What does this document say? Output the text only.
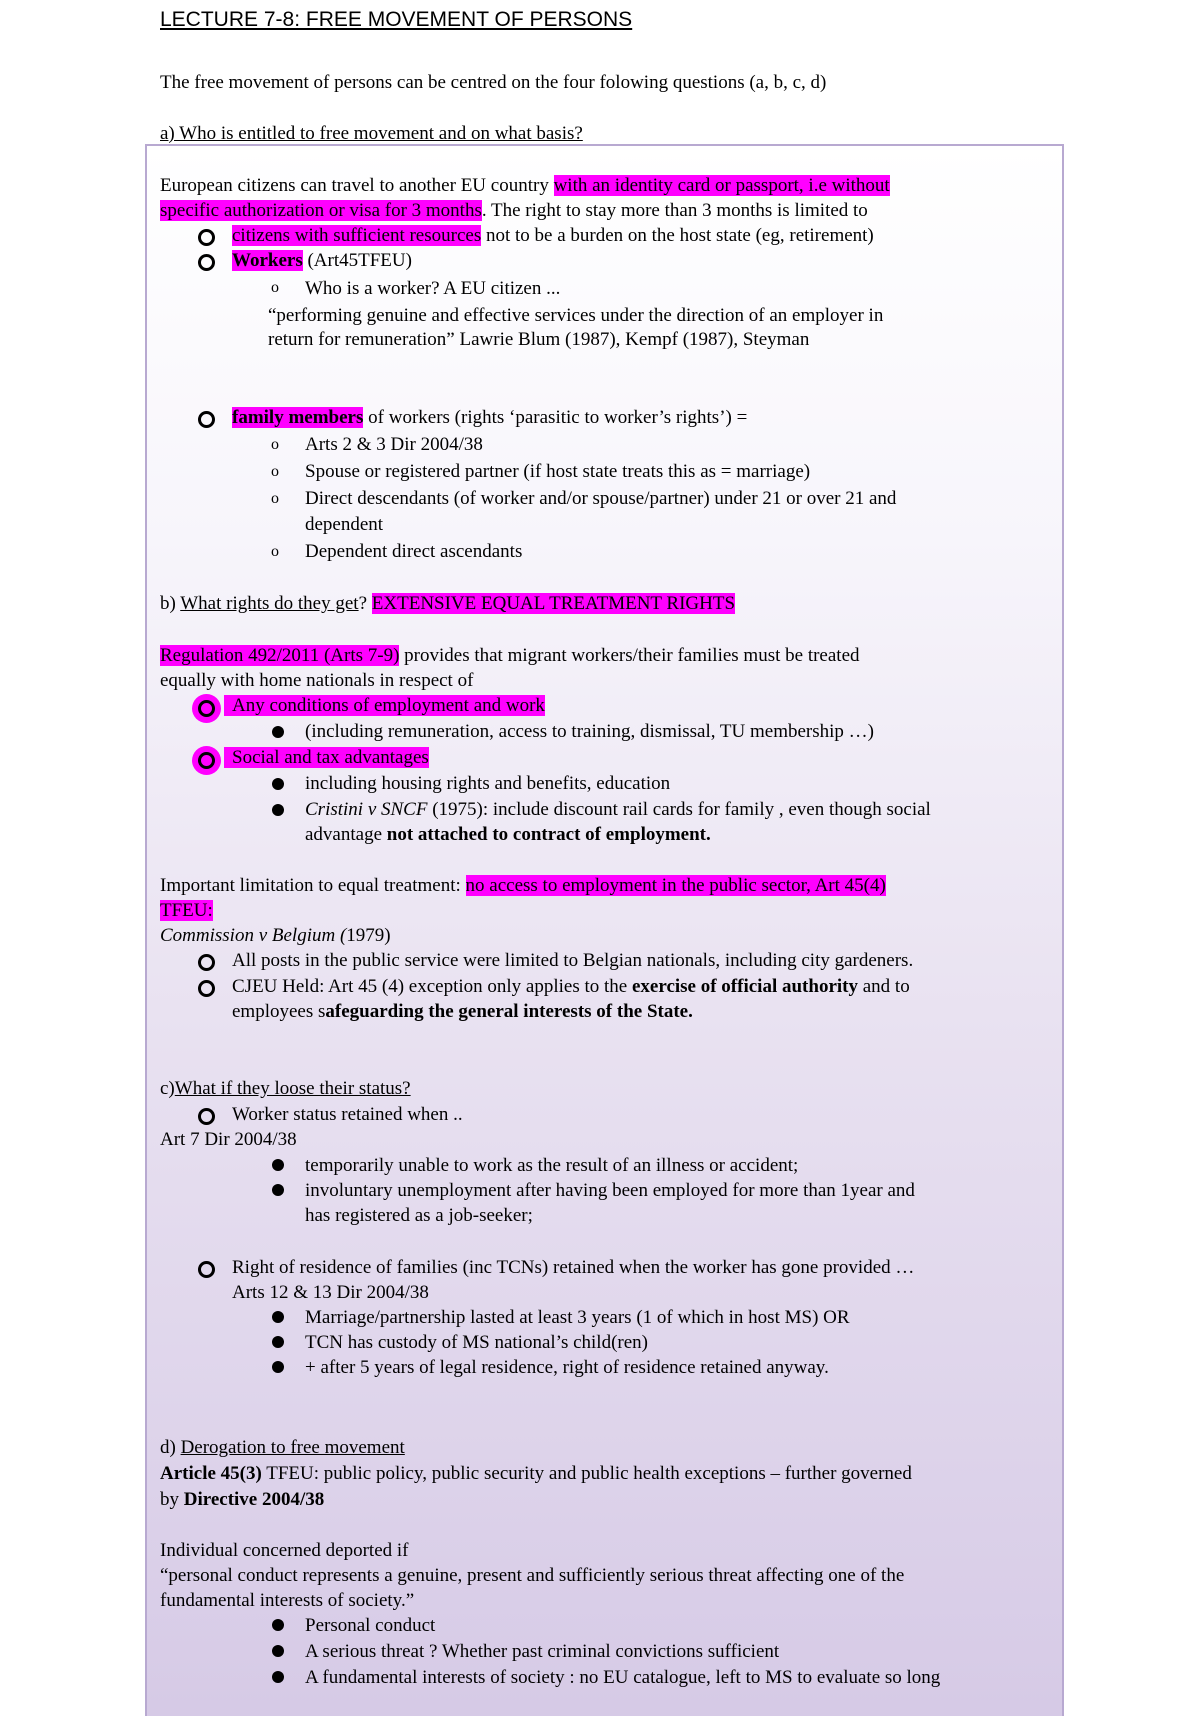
LECTURE 7-8: FREE MOVEMENT OF PERSONS
The free movement of persons can be centred on the four folowing questions (a, b, c, d)
a) Who is entitled to free movement and on what basis?
European citizens can travel to another EU country with an identity card or passport, i.e without
specific authorization or visa for 3 months. The right to stay more than 3 months is limited to
citizens with sufficient resources not to be a burden on the host state (eg, retirement)
Workers (Art45TFEU)
o Who is a worker? A EU citizen ...
“performing genuine and effective services under the direction of an employer in
return for remuneration” Lawrie Blum (1987), Kempf (1987), Steyman
family members of workers (rights ‘parasitic to worker’s rights’) =
o Arts 2 & 3 Dir 2004/38
o Spouse or registered partner (if host state treats this as = marriage)
o Direct descendants (of worker and/or spouse/partner) under 21 or over 21 and
dependent
o Dependent direct ascendants
b) What rights do they get? EXTENSIVE EQUAL TREATMENT RIGHTS
Regulation 492/2011 (Arts 7-9) provides that migrant workers/their families must be treated
equally with home nationals in respect of
Any conditions of employment and work
(including remuneration, access to training, dismissal, TU membership …)
Social and tax advantages
including housing rights and benefits, education
Cristini v SNCF (1975): include discount rail cards for family , even though social
advantage not attached to contract of employment.
Important limitation to equal treatment: no access to employment in the public sector, Art 45(4)
TFEU:
Commission v Belgium (1979)
All posts in the public service were limited to Belgian nationals, including city gardeners.
CJEU Held: Art 45 (4) exception only applies to the exercise of official authority and to
employees safeguarding the general interests of the State.
c)What if they loose their status?
Worker status retained when ..
Art 7 Dir 2004/38
temporarily unable to work as the result of an illness or accident;
involuntary unemployment after having been employed for more than 1year and
has registered as a job-seeker;
Right of residence of families (inc TCNs) retained when the worker has gone provided …
Arts 12 & 13 Dir 2004/38
Marriage/partnership lasted at least 3 years (1 of which in host MS) OR
TCN has custody of MS national’s child(ren)
+ after 5 years of legal residence, right of residence retained anyway.
d) Derogation to free movement
Article 45(3) TFEU: public policy, public security and public health exceptions – further governed
by Directive 2004/38
Individual concerned deported if
“personal conduct represents a genuine, present and sufficiently serious threat affecting one of the
fundamental interests of society.”
Personal conduct
A serious threat ? Whether past criminal convictions sufficient
A fundamental interests of society : no EU catalogue, left to MS to evaluate so long
